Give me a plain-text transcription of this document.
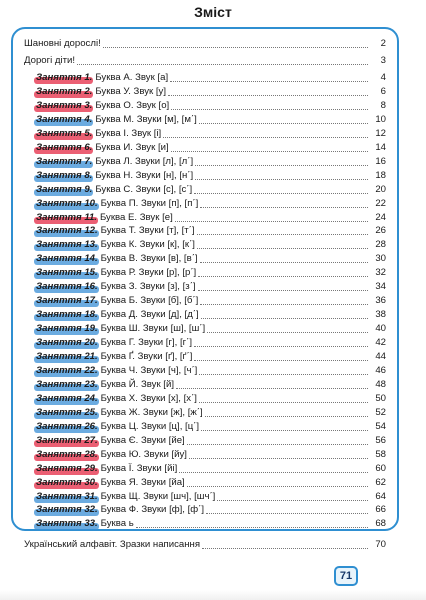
Зміст
Шановні дорослі!	2
Дорогі діти!	3
Заняття 1. Буква А. Звук [а]	4
Заняття 2. Буква У. Звук [у]	6
Заняття 3. Буква О. Звук [о]	8
Заняття 4. Буква М. Звуки [м], [м΄]	10
Заняття 5. Буква І. Звук [і]	12
Заняття 6. Буква И. Звук [и]	14
Заняття 7. Буква Л. Звуки [л], [л΄]	16
Заняття 8. Буква Н. Звуки [н], [н΄]	18
Заняття 9. Буква С. Звуки [с], [с΄]	20
Заняття 10. Буква П. Звуки [п], [п΄]	22
Заняття 11. Буква Е. Звук [е]	24
Заняття 12. Буква Т. Звуки [т], [т΄]	26
Заняття 13. Буква К. Звуки [к], [к΄]	28
Заняття 14. Буква В. Звуки [в], [в΄]	30
Заняття 15. Буква Р. Звуки [р], [р΄]	32
Заняття 16. Буква З. Звуки [з], [з΄]	34
Заняття 17. Буква Б. Звуки [б], [б΄]	36
Заняття 18. Буква Д. Звуки [д], [д΄]	38
Заняття 19. Буква Ш. Звуки [ш], [ш΄]	40
Заняття 20. Буква Г. Звуки [г], [г΄]	42
Заняття 21. Буква Ґ. Звуки [ґ], [ґ΄]	44
Заняття 22. Буква Ч. Звуки [ч], [ч΄]	46
Заняття 23. Буква Й. Звук [й]	48
Заняття 24. Буква Х. Звуки [х], [х΄]	50
Заняття 25. Буква Ж. Звуки [ж], [ж΄]	52
Заняття 26. Буква Ц. Звуки [ц], [ц΄]	54
Заняття 27. Буква Є. Звуки [йе]	56
Заняття 28. Буква Ю. Звуки [йу]	58
Заняття 29. Буква Ї. Звуки [йі]	60
Заняття 30. Буква Я. Звуки [йа]	62
Заняття 31. Буква Щ. Звуки [шч], [шч΄]	64
Заняття 32. Буква Ф. Звуки [ф], [ф΄]	66
Заняття 33. Буква ь	68
Український алфавіт. Зразки написання	70
71
